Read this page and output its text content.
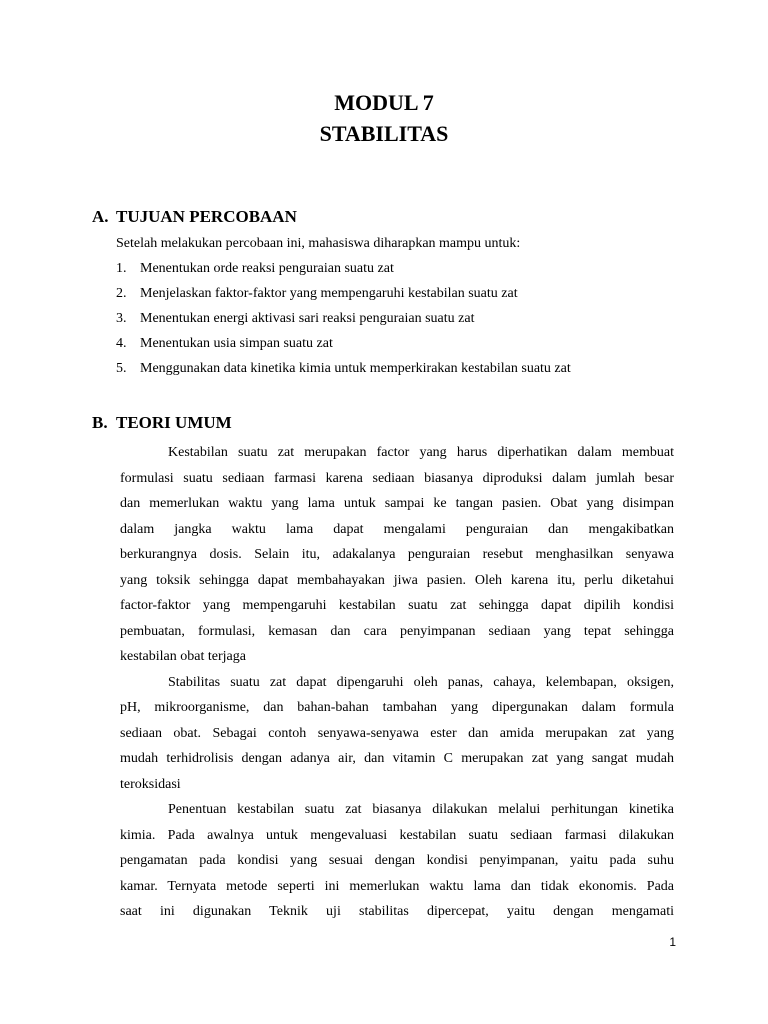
MODUL 7
STABILITAS
A. TUJUAN PERCOBAAN
Setelah melakukan percobaan ini, mahasiswa diharapkan mampu untuk:
1. Menentukan orde reaksi penguraian suatu zat
2. Menjelaskan faktor-faktor yang mempengaruhi kestabilan suatu zat
3. Menentukan energi aktivasi sari reaksi penguraian suatu zat
4. Menentukan usia simpan suatu zat
5. Menggunakan data kinetika kimia untuk memperkirakan kestabilan suatu zat
B. TEORI UMUM
Kestabilan suatu zat merupakan factor yang harus diperhatikan dalam membuat
formulasi suatu sediaan farmasi karena sediaan biasanya diproduksi dalam jumlah besar
dan memerlukan waktu yang lama untuk sampai ke tangan pasien. Obat yang disimpan
dalam jangka waktu lama dapat mengalami penguraian dan mengakibatkan
berkurangnya dosis. Selain itu, adakalanya penguraian resebut menghasilkan senyawa
yang toksik sehingga dapat membahayakan jiwa pasien. Oleh karena itu, perlu diketahui
factor-faktor yang mempengaruhi kestabilan suatu zat sehingga dapat dipilih kondisi
pembuatan, formulasi, kemasan dan cara penyimpanan sediaan yang tepat sehingga
kestabilan obat terjaga
Stabilitas suatu zat dapat dipengaruhi oleh panas, cahaya, kelembapan, oksigen,
pH, mikroorganisme, dan bahan-bahan tambahan yang dipergunakan dalam formula
sediaan obat. Sebagai contoh senyawa-senyawa ester dan amida merupakan zat yang
mudah terhidrolisis dengan adanya air, dan vitamin C merupakan zat yang sangat mudah
teroksidasi
Penentuan kestabilan suatu zat biasanya dilakukan melalui perhitungan kinetika
kimia. Pada awalnya untuk mengevaluasi kestabilan suatu sediaan farmasi dilakukan
pengamatan pada kondisi yang sesuai dengan kondisi penyimpanan, yaitu pada suhu
kamar. Ternyata metode seperti ini memerlukan waktu lama dan tidak ekonomis. Pada
saat ini digunakan Teknik uji stabilitas dipercepat, yaitu dengan mengamati
1
